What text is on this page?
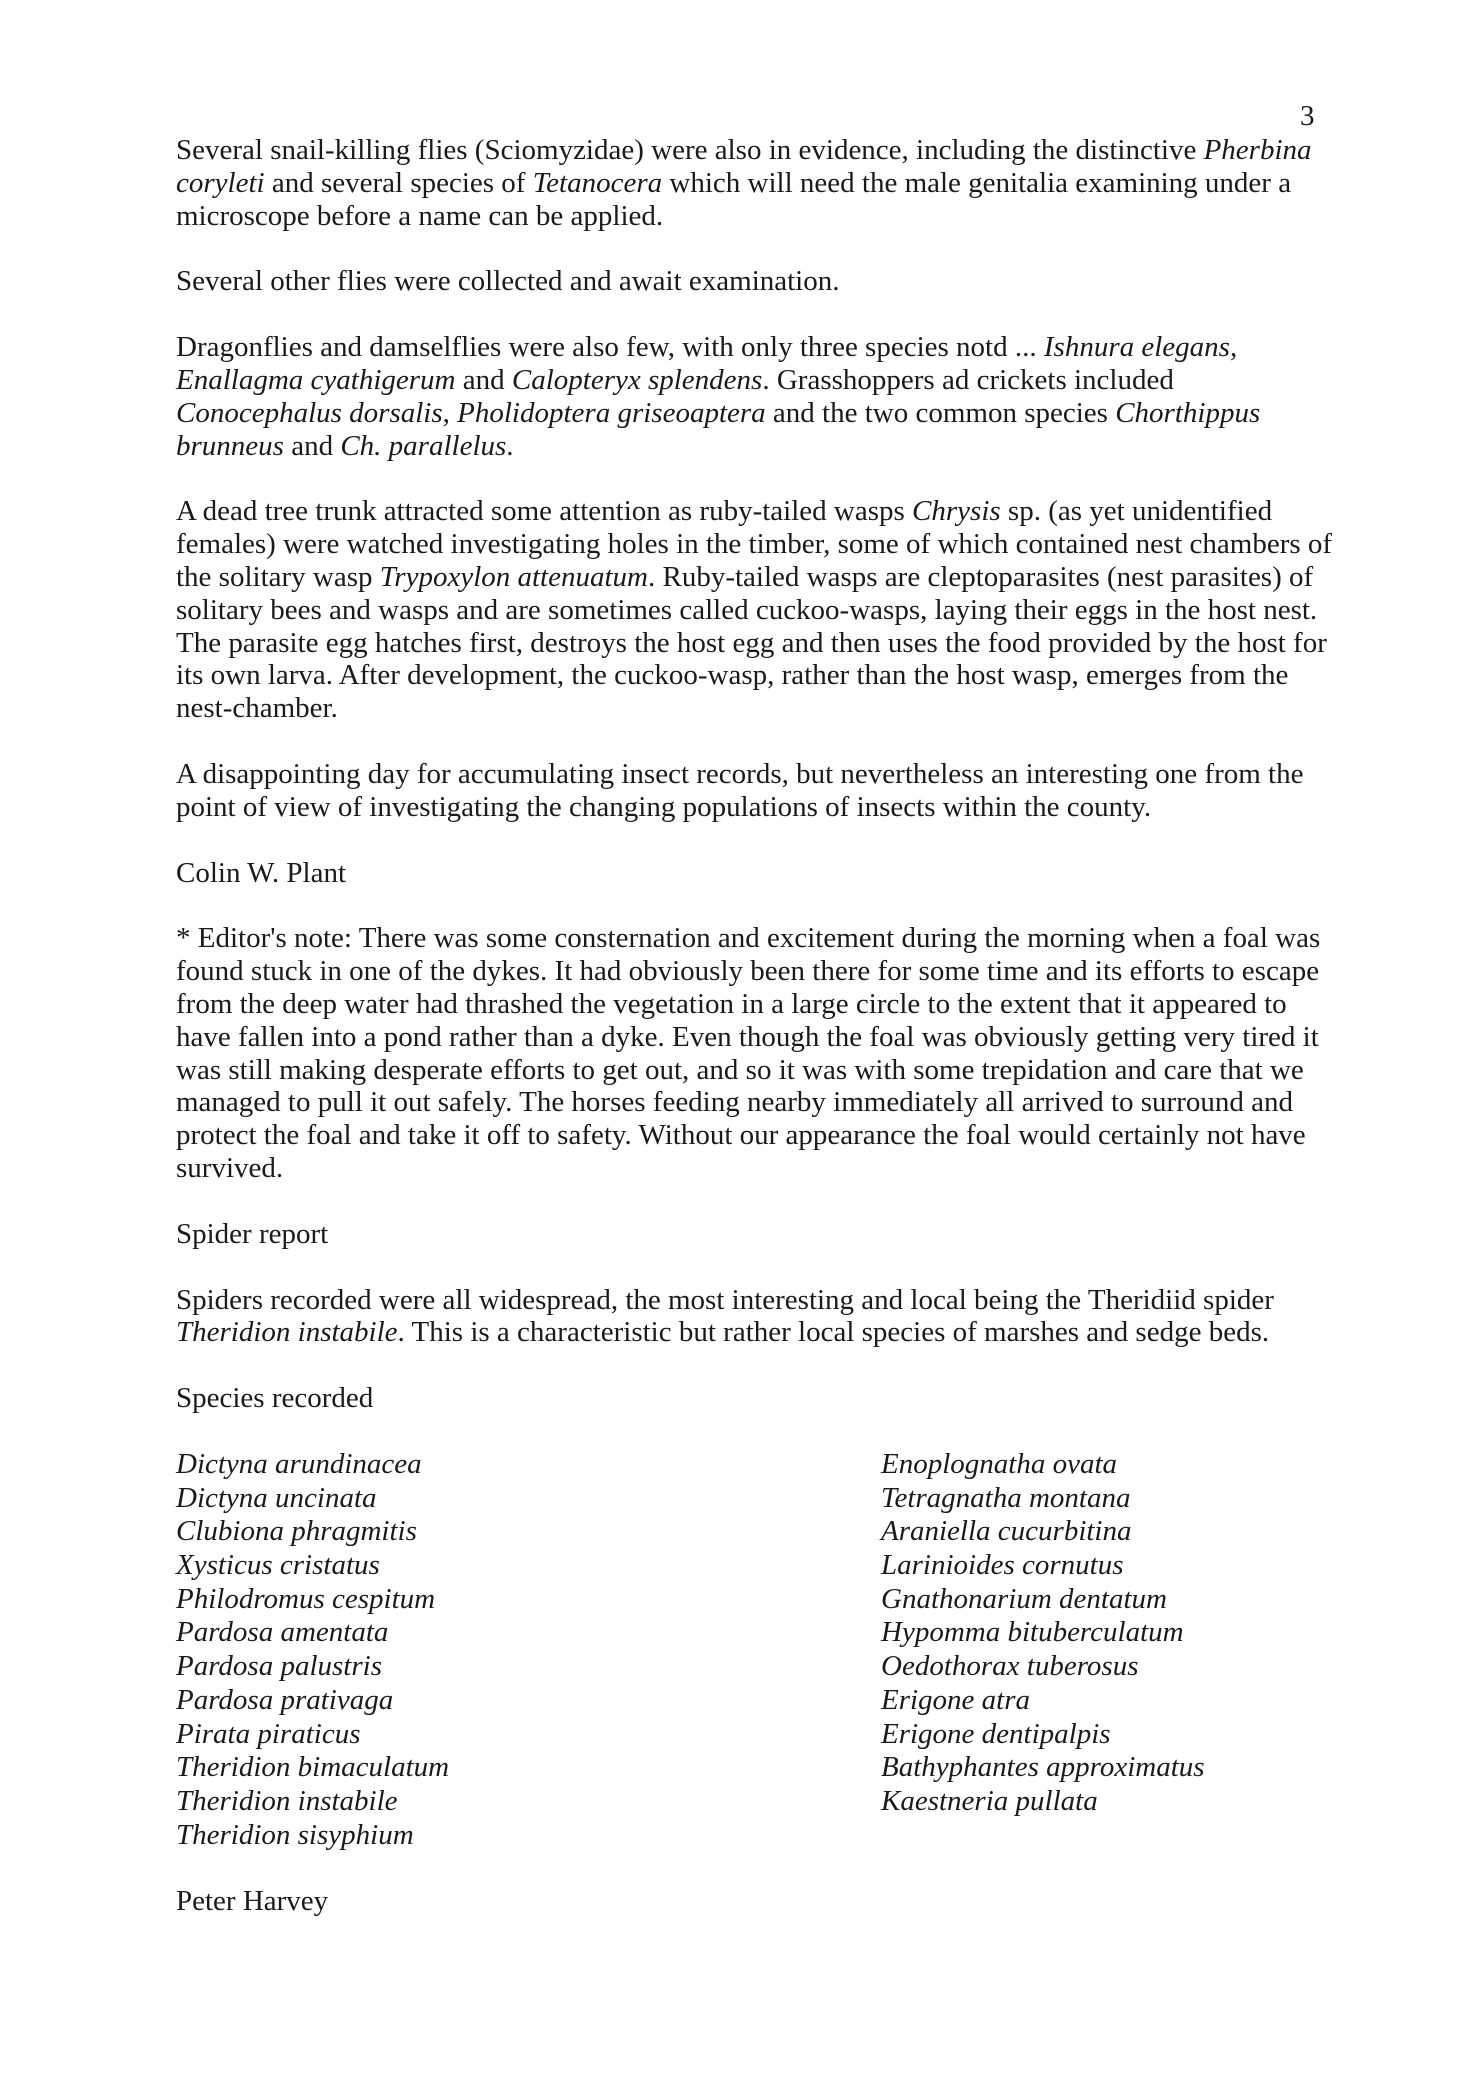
3

Several snail-killing flies (Sciomyzidae) were also in evidence, including the distinctive Pherbina coryleti and several species of Tetanocera which will need the male genitalia examining under a microscope before a name can be applied.

Several other flies were collected and await examination.

Dragonflies and damselflies were also few, with only three species notd ... Ishnura elegans, Enallagma cyathigerum and Calopteryx splendens. Grasshoppers ad crickets included Conocephalus dorsalis, Pholidoptera griseoaptera and the two common species Chorthippus brunneus and Ch. parallelus.

A dead tree trunk attracted some attention as ruby-tailed wasps Chrysis sp. (as yet unidentified females) were watched investigating holes in the timber, some of which contained nest chambers of the solitary wasp Trypoxylon attenuatum. Ruby-tailed wasps are cleptoparasites (nest parasites) of solitary bees and wasps and are sometimes called cuckoo-wasps, laying their eggs in the host nest. The parasite egg hatches first, destroys the host egg and then uses the food provided by the host for its own larva. After development, the cuckoo-wasp, rather than the host wasp, emerges from the nest-chamber.

A disappointing day for accumulating insect records, but nevertheless an interesting one from the point of view of investigating the changing populations of insects within the county.

Colin W. Plant

* Editor's note: There was some consternation and excitement during the morning when a foal was found stuck in one of the dykes. It had obviously been there for some time and its efforts to escape from the deep water had thrashed the vegetation in a large circle to the extent that it appeared to have fallen into a pond rather than a dyke. Even though the foal was obviously getting very tired it was still making desperate efforts to get out, and so it was with some trepidation and care that we managed to pull it out safely. The horses feeding nearby immediately all arrived to surround and protect the foal and take it off to safety. Without our appearance the foal would certainly not have survived.

Spider report

Spiders recorded were all widespread, the most interesting and local being the Theridiid spider Theridion instabile. This is a characteristic but rather local species of marshes and sedge beds.

Species recorded

Dictyna arundinacea
Dictyna uncinata
Clubiona phragmitis
Xysticus cristatus
Philodromus cespitum
Pardosa amentata
Pardosa palustris
Pardosa prativaga
Pirata piraticus
Theridion bimaculatum
Theridion instabile
Theridion sisyphium
Enoplognatha ovata
Tetragnatha montana
Araniella cucurbitina
Larinioides cornutus
Gnathonarium dentatum
Hypomma bituberculatum
Oedothorax tuberosus
Erigone atra
Erigone dentipalpis
Bathyphantes approximatus
Kaestneria pullata

Peter Harvey
